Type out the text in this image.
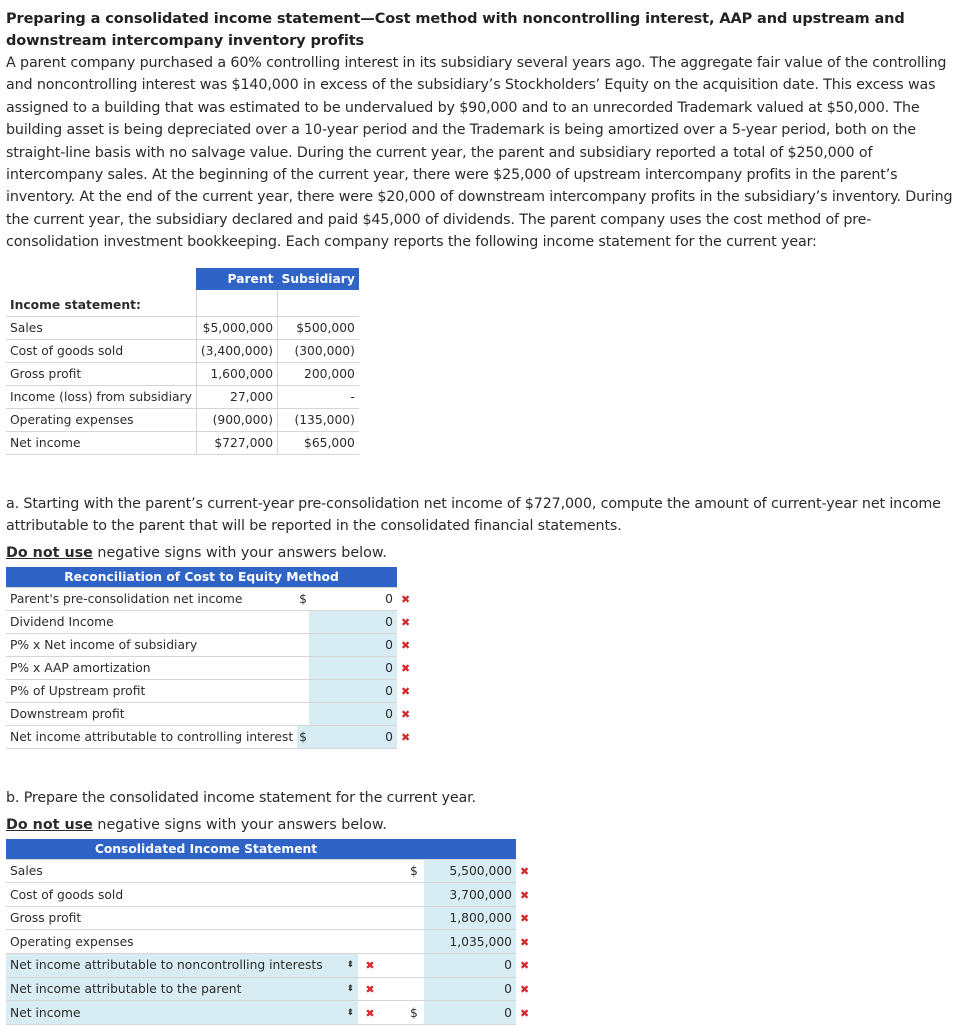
Preparing a consolidated income statement—Cost method with noncontrolling interest, AAP and upstream and downstream intercompany inventory profits

A parent company purchased a 60% controlling interest in its subsidiary several years ago. The aggregate fair value of the controlling and noncontrolling interest was $140,000 in excess of the subsidiary’s Stockholders’ Equity on the acquisition date. This excess was assigned to a building that was estimated to be undervalued by $90,000 and to an unrecorded Trademark valued at $50,000. The building asset is being depreciated over a 10-year period and the Trademark is being amortized over a 5-year period, both on the straight-line basis with no salvage value. During the current year, the parent and subsidiary reported a total of $250,000 of intercompany sales. At the beginning of the current year, there were $25,000 of upstream intercompany profits in the parent’s inventory. At the end of the current year, there were $20,000 of downstream intercompany profits in the subsidiary’s inventory. During the current year, the subsidiary declared and paid $45,000 of dividends. The parent company uses the cost method of pre-consolidation investment bookkeeping. Each company reports the following income statement for the current year:

	Parent	Subsidiary
Income statement:		
Sales	$5,000,000	$500,000
Cost of goods sold	(3,400,000)	(300,000)
Gross profit	1,600,000	200,000
Income (loss) from subsidiary	27,000	-
Operating expenses	(900,000)	(135,000)
Net income	$727,000	$65,000

a. Starting with the parent’s current-year pre-consolidation net income of $727,000, compute the amount of current-year net income attributable to the parent that will be reported in the consolidated financial statements.

Do not use negative signs with your answers below.
Reconciliation of Cost to Equity Method			
Parent's pre-consolidation net income	$	0	✖
Dividend Income		0	✖
P% x Net income of subsidiary		0	✖
P% x AAP amortization		0	✖
P% of Upstream profit		0	✖
Downstream profit		0	✖
Net income attributable to controlling interest	$	0	✖

b. Prepare the consolidated income statement for the current year.

Do not use negative signs with your answers below.
Consolidated Income Statement					
Sales			$	5,500,000	✖
Cost of goods sold				3,700,000	✖
Gross profit				1,800,000	✖
Operating expenses				1,035,000	✖
Net income attributable to noncontrolling interests ⬍	✖			0	✖
Net income attributable to the parent ⬍	✖			0	✖
Net income ⬍	✖		$	0	✖
